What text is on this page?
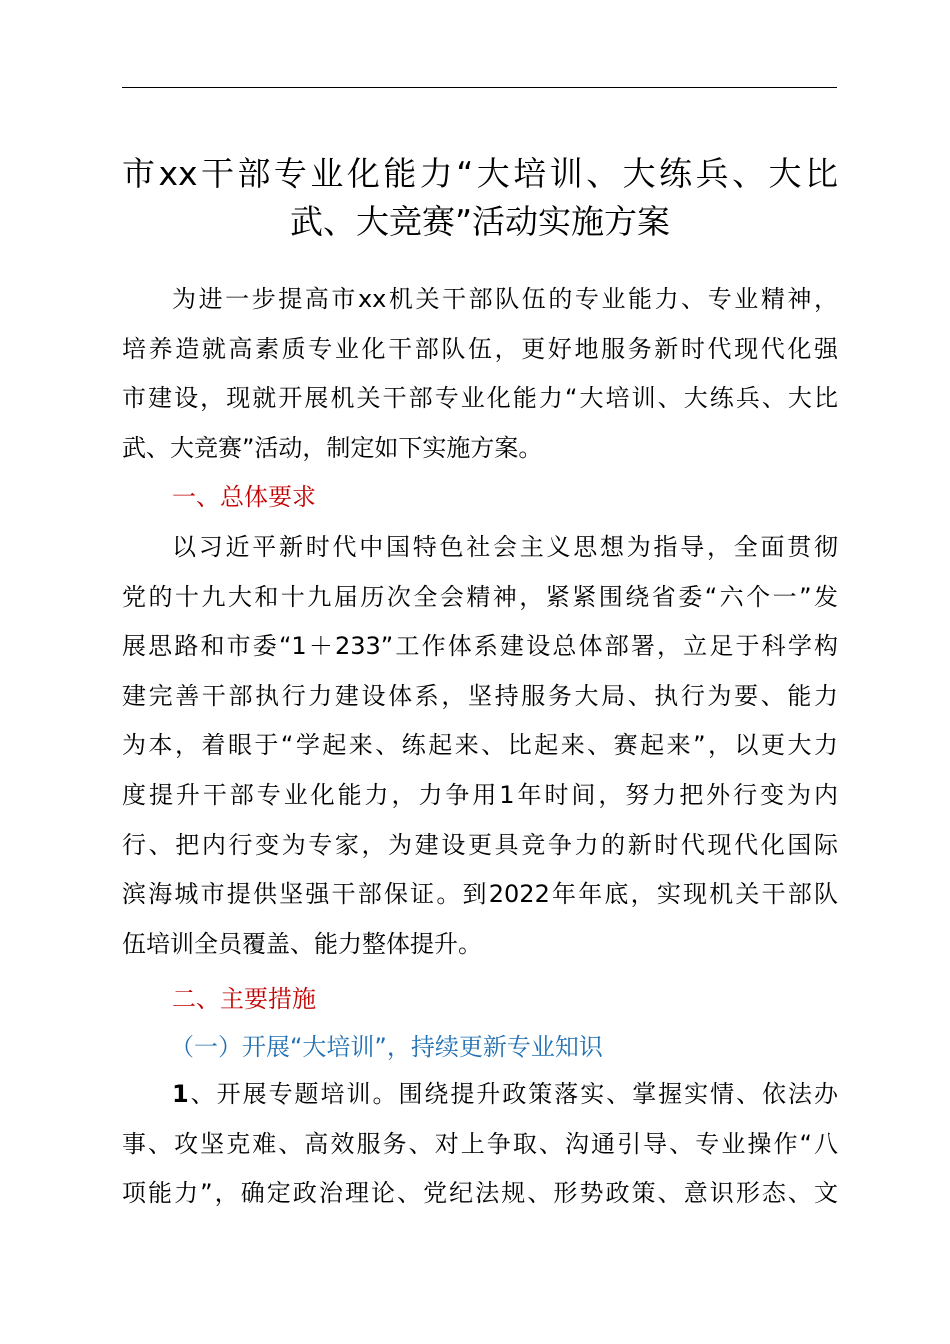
市xx干部专业化能力“大培训、大练兵、大比
武、大竞赛”活动实施方案
为进一步提高市xx机关干部队伍的专业能力、专业精神，
培养造就高素质专业化干部队伍，更好地服务新时代现代化强
市建设，现就开展机关干部专业化能力“大培训、大练兵、大比
武、大竞赛”活动，制定如下实施方案。
一、总体要求
以习近平新时代中国特色社会主义思想为指导，全面贯彻
党的十九大和十九届历次全会精神，紧紧围绕省委“六个一”发
展思路和市委“1＋233”工作体系建设总体部署，立足于科学构
建完善干部执行力建设体系，坚持服务大局、执行为要、能力
为本，着眼于“学起来、练起来、比起来、赛起来”，以更大力
度提升干部专业化能力，力争用1年时间，努力把外行变为内
行、把内行变为专家，为建设更具竞争力的新时代现代化国际
滨海城市提供坚强干部保证。到2022年年底，实现机关干部队
伍培训全员覆盖、能力整体提升。
二、主要措施
（一）开展“大培训”，持续更新专业知识
1、开展专题培训。围绕提升政策落实、掌握实情、依法办
事、攻坚克难、高效服务、对上争取、沟通引导、专业操作“八
项能力”，确定政治理论、党纪法规、形势政策、意识形态、文
